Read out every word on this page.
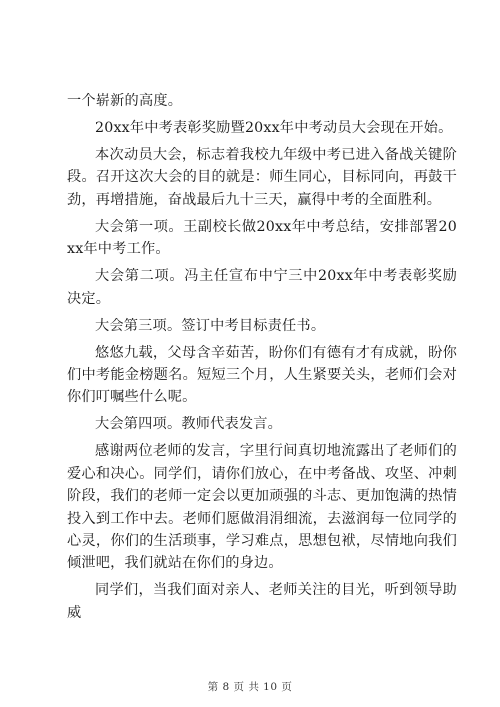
一个崭新的高度。

20xx年中考表彰奖励暨20xx年中考动员大会现在开始。

本次动员大会，标志着我校九年级中考已进入备战关键阶段。召开这次大会的目的就是：师生同心，目标同向，再鼓干劲，再增措施，奋战最后九十三天，赢得中考的全面胜利。

大会第一项。王副校长做20xx年中考总结，安排部署20xx年中考工作。

大会第二项。冯主任宣布中宁三中20xx年中考表彰奖励决定。

大会第三项。签订中考目标责任书。

悠悠九载，父母含辛茹苦，盼你们有德有才有成就，盼你们中考能金榜题名。短短三个月，人生紧要关头，老师们会对你们叮嘱些什么呢。

大会第四项。教师代表发言。

感谢两位老师的发言，字里行间真切地流露出了老师们的爱心和决心。同学们，请你们放心，在中考备战、攻坚、冲刺阶段，我们的老师一定会以更加顽强的斗志、更加饱满的热情投入到工作中去。老师们愿做涓涓细流，去滋润每一位同学的心灵，你们的生活琐事，学习难点，思想包袱，尽情地向我们倾泄吧，我们就站在你们的身边。

同学们，当我们面对亲人、老师关注的目光，听到领导助威

第 8 页 共 10 页
